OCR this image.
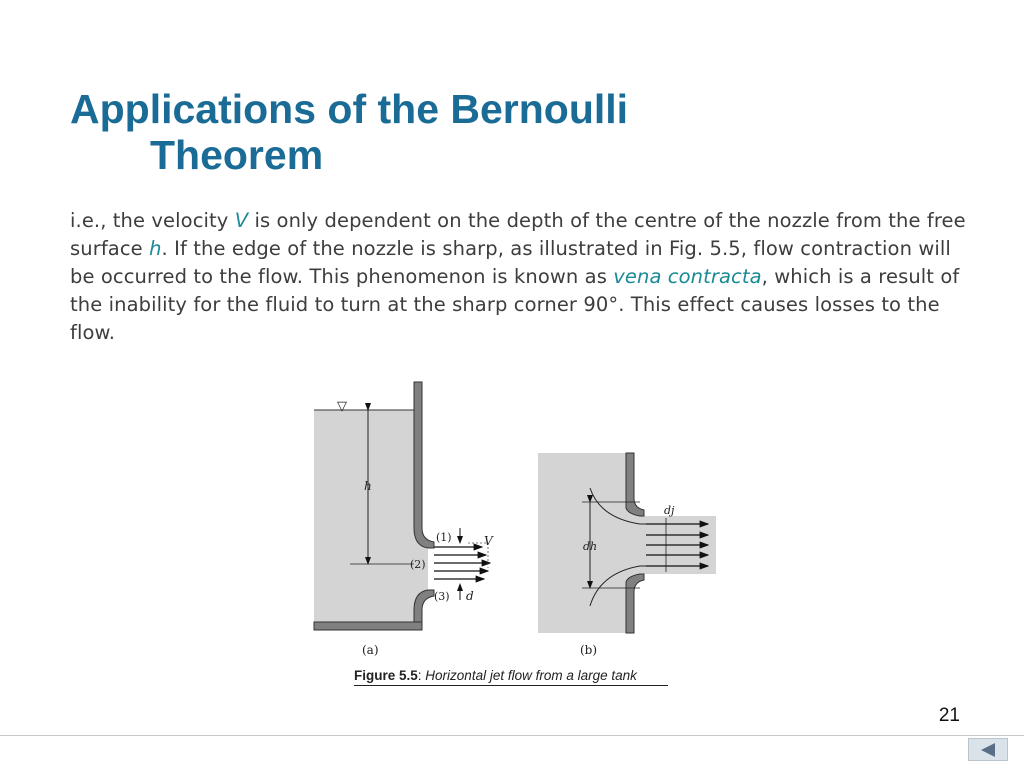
Applications of the Bernoulli
Theorem
i.e., the velocity V is only dependent on the depth of the centre of the nozzle from the free surface h. If the edge of the nozzle is sharp, as illustrated in Fig. 5.5, flow contraction will be occurred to the flow. This phenomenon is known as vena contracta, which is a result of the inability for the fluid to turn at the sharp corner 90°. This effect causes losses to the flow.
▽
h
(1)
(2)
(3)
V
d
(a)
dj
dh
(b)
Figure 5.5: Horizontal jet flow from a large tank
21
